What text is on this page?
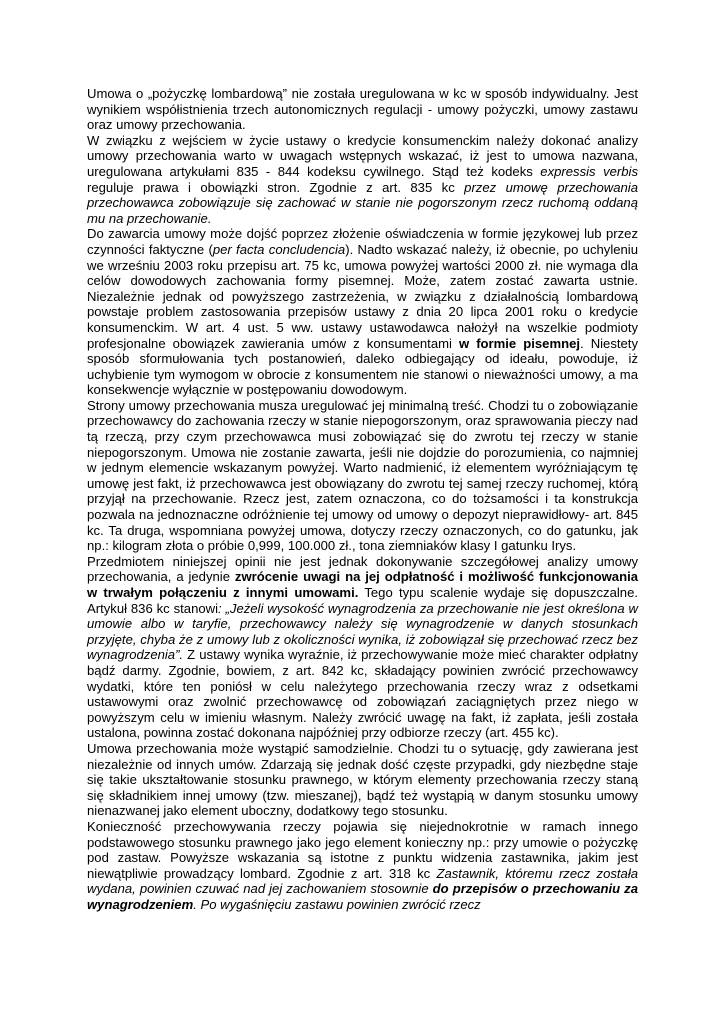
Umowa o „pożyczkę lombardową” nie została uregulowana w kc w sposób indywidualny. Jest wynikiem współistnienia trzech autonomicznych regulacji - umowy pożyczki, umowy zastawu oraz umowy przechowania.

W związku z wejściem w życie ustawy o kredycie konsumenckim należy dokonać analizy umowy przechowania warto w uwagach wstępnych wskazać, iż jest to umowa nazwana, uregulowana artykułami 835 - 844 kodeksu cywilnego. Stąd też kodeks expressis verbis reguluje prawa i obowiązki stron. Zgodnie z art. 835 kc przez umowę przechowania przechowawca zobowiązuje się zachować w stanie nie pogorszonym rzecz ruchomą oddaną mu na przechowanie.

Do zawarcia umowy może dojść poprzez złożenie oświadczenia w formie językowej lub przez czynności faktyczne (per facta concludencia). Nadto wskazać należy, iż obecnie, po uchyleniu we wrześniu 2003 roku przepisu art. 75 kc, umowa powyżej wartości 2000 zł. nie wymaga dla celów dowodowych zachowania formy pisemnej. Może, zatem zostać zawarta ustnie. Niezależnie jednak od powyższego zastrzeżenia, w związku z działalnością lombardową powstaje problem zastosowania przepisów ustawy z dnia 20 lipca 2001 roku o kredycie konsumenckim. W art. 4 ust. 5 ww. ustawy ustawodawca nałożył na wszelkie podmioty profesjonalne obowiązek zawierania umów z konsumentami w formie pisemnej. Niestety sposób sformułowania tych postanowień, daleko odbiegający od ideału, powoduje, iż uchybienie tym wymogom w obrocie z konsumentem nie stanowi o nieważności umowy, a ma konsekwencje wyłącznie w postępowaniu dowodowym.

Strony umowy przechowania musza uregulować jej minimalną treść. Chodzi tu o zobowiązanie przechowawcy do zachowania rzeczy w stanie niepogorszonym, oraz sprawowania pieczy nad tą rzeczą, przy czym przechowawca musi zobowiązać się do zwrotu tej rzeczy w stanie niepogorszonym. Umowa nie zostanie zawarta, jeśli nie dojdzie do porozumienia, co najmniej w jednym elemencie wskazanym powyżej. Warto nadmienić, iż elementem wyróżniającym tę umowę jest fakt, iż przechowawca jest obowiązany do zwrotu tej samej rzeczy ruchomej, którą przyjął na przechowanie. Rzecz jest, zatem oznaczona, co do tożsamości i ta konstrukcja pozwala na jednoznaczne odróżnienie tej umowy od umowy o depozyt nieprawidłowy- art. 845 kc. Ta druga, wspomniana powyżej umowa, dotyczy rzeczy oznaczonych, co do gatunku, jak np.: kilogram złota o próbie 0,999, 100.000 zł., tona ziemniaków klasy I gatunku Irys.

Przedmiotem niniejszej opinii nie jest jednak dokonywanie szczegółowej analizy umowy przechowania, a jedynie zwrócenie uwagi na jej odpłatność i możliwość funkcjonowania w trwałym połączeniu z innymi umowami. Tego typu scalenie wydaje się dopuszczalne. Artykuł 836 kc stanowi: „Jeżeli wysokość wynagrodzenia za przechowanie nie jest określona w umowie albo w taryfie, przechowawcy należy się wynagrodzenie w danych stosunkach przyjęte, chyba że z umowy lub z okoliczności wynika, iż zobowiązał się przechować rzecz bez wynagrodzenia”. Z ustawy wynika wyraźnie, iż przechowywanie może mieć charakter odpłatny bądź darmy. Zgodnie, bowiem, z art. 842 kc, składający powinien zwrócić przechowawcy wydatki, które ten poniósł w celu należytego przechowania rzeczy wraz z odsetkami ustawowymi oraz zwolnić przechowawcę od zobowiązań zaciągniętych przez niego w powyższym celu w imieniu własnym. Należy zwrócić uwagę na fakt, iż zapłata, jeśli została ustalona, powinna zostać dokonana najpóźniej przy odbiorze rzeczy (art. 455 kc).

Umowa przechowania może wystąpić samodzielnie. Chodzi tu o sytuację, gdy zawierana jest niezależnie od innych umów. Zdarzają się jednak dość częste przypadki, gdy niezbędne staje się takie ukształtowanie stosunku prawnego, w którym elementy przechowania rzeczy staną się składnikiem innej umowy (tzw. mieszanej), bądź też wystąpią w danym stosunku umowy nienazwanej jako element uboczny, dodatkowy tego stosunku.

Konieczność przechowywania rzeczy pojawia się niejednokrotnie w ramach innego podstawowego stosunku prawnego jako jego element konieczny np.: przy umowie o pożyczkę pod zastaw. Powyższe wskazania są istotne z punktu widzenia zastawnika, jakim jest niewątpliwie prowadzący lombard. Zgodnie z art. 318 kc Zastawnik, któremu rzecz została wydana, powinien czuwać nad jej zachowaniem stosownie do przepisów o przechowaniu za wynagrodzeniem. Po wygaśnięciu zastawu powinien zwrócić rzecz
